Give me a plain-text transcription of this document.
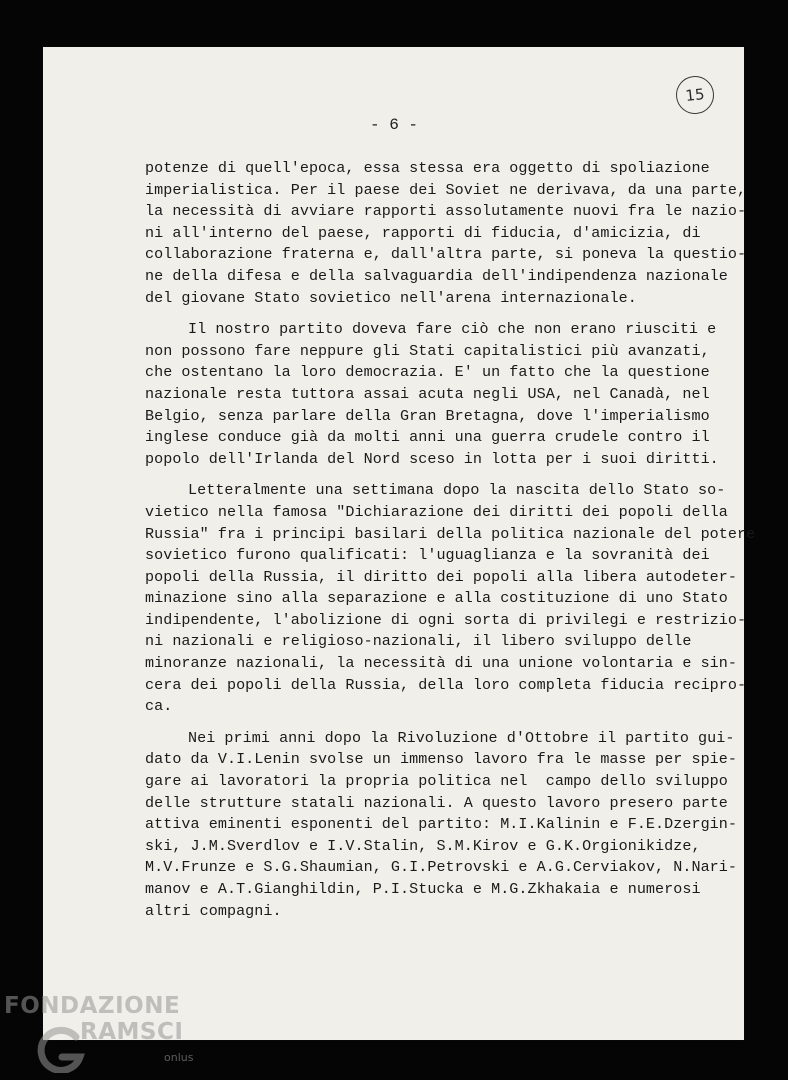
15
- 6 -
potenze di quell'epoca, essa stessa era oggetto di spoliazione
imperialistica. Per il paese dei Soviet ne derivava, da una parte,
la necessità di avviare rapporti assolutamente nuovi fra le nazio-
ni all'interno del paese, rapporti di fiducia, d'amicizia, di
collaborazione fraterna e, dall'altra parte, si poneva la questio-
ne della difesa e della salvaguardia dell'indipendenza nazionale
del giovane Stato sovietico nell'arena internazionale.
Il nostro partito doveva fare ciò che non erano riusciti e
non possono fare neppure gli Stati capitalistici più avanzati,
che ostentano la loro democrazia. E' un fatto che la questione
nazionale resta tuttora assai acuta negli USA, nel Canadà, nel
Belgio, senza parlare della Gran Bretagna, dove l'imperialismo
inglese conduce già da molti anni una guerra crudele contro il
popolo dell'Irlanda del Nord sceso in lotta per i suoi diritti.
Letteralmente una settimana dopo la nascita dello Stato so-
vietico nella famosa "Dichiarazione dei diritti dei popoli della
Russia" fra i principi basilari della politica nazionale del potere
sovietico furono qualificati: l'uguaglianza e la sovranità dei
popoli della Russia, il diritto dei popoli alla libera autodeter-
minazione sino alla separazione e alla costituzione di uno Stato
indipendente, l'abolizione di ogni sorta di privilegi e restrizio-
ni nazionali e religioso-nazionali, il libero sviluppo delle
minoranze nazionali, la necessità di una unione volontaria e sin-
cera dei popoli della Russia, della loro completa fiducia recipro-
ca.
Nei primi anni dopo la Rivoluzione d'Ottobre il partito gui-
dato da V.I.Lenin svolse un immenso lavoro fra le masse per spie-
gare ai lavoratori la propria politica nel  campo dello sviluppo
delle strutture statali nazionali. A questo lavoro presero parte
attiva eminenti esponenti del partito: M.I.Kalinin e F.E.Dzergin-
ski, J.M.Sverdlov e I.V.Stalin, S.M.Kirov e G.K.Orgionikidze,
M.V.Frunze e S.G.Shaumian, G.I.Petrovski e A.G.Cerviakov, N.Nari-
manov e A.T.Gianghildin, P.I.Stucka e M.G.Zkhakaia e numerosi
altri compagni.
FONDAZIONE
RAMSCI
onlus
